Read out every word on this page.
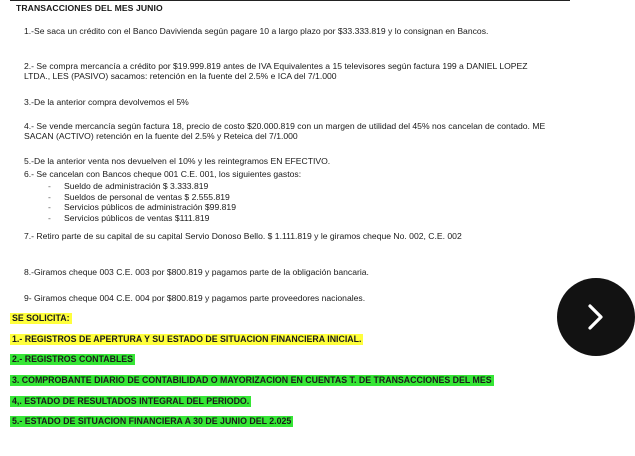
TRANSACCIONES DEL MES JUNIO
1.-Se saca un crédito con el Banco Davivienda según pagare 10 a largo plazo por $33.333.819 y lo consignan en Bancos.
2.- Se compra mercancía a crédito por $19.999.819 antes de IVA Equivalentes a 15 televisores según factura 199 a DANIEL LOPEZ LTDA., LES (PASIVO) sacamos: retención en la fuente del 2.5% e ICA del 7/1.000
3.-De la anterior compra devolvemos el 5%
4.- Se vende mercancía según factura 18, precio de costo $20.000.819 con un margen de utilidad del 45% nos cancelan de contado. ME SACAN (ACTIVO) retención en la fuente del 2.5% y Reteica del 7/1.000
5.-De la anterior venta nos devuelven el 10% y les reintegramos EN EFECTIVO.
6.- Se cancelan con Bancos cheque 001 C.E. 001, los siguientes gastos:
-	Sueldo de administración $ 3.333.819
-	Sueldos de personal de ventas $ 2.555.819
-	Servicios públicos de administración $99.819
-	Servicios públicos de ventas $111.819
7.- Retiro parte de su capital de su capital Servio Donoso Bello. $ 1.111.819 y le giramos cheque No. 002, C.E. 002
8.-Giramos cheque 003 C.E. 003 por $800.819 y pagamos parte de la obligación bancaria.
9- Giramos cheque 004 C.E. 004 por $800.819 y pagamos parte proveedores nacionales.
SE SOLICITA:
1.- REGISTROS DE APERTURA Y SU ESTADO DE SITUACION FINANCIERA INICIAL.
2.- REGISTROS CONTABLES
3. COMPROBANTE DIARIO DE CONTABILIDAD O MAYORIZACION EN CUENTAS T. DE TRANSACCIONES DEL MES
4,. ESTADO DE RESULTADOS INTEGRAL DEL PERIODO.
5.- ESTADO DE SITUACION FINANCIERA A 30 DE JUNIO DEL 2.025
